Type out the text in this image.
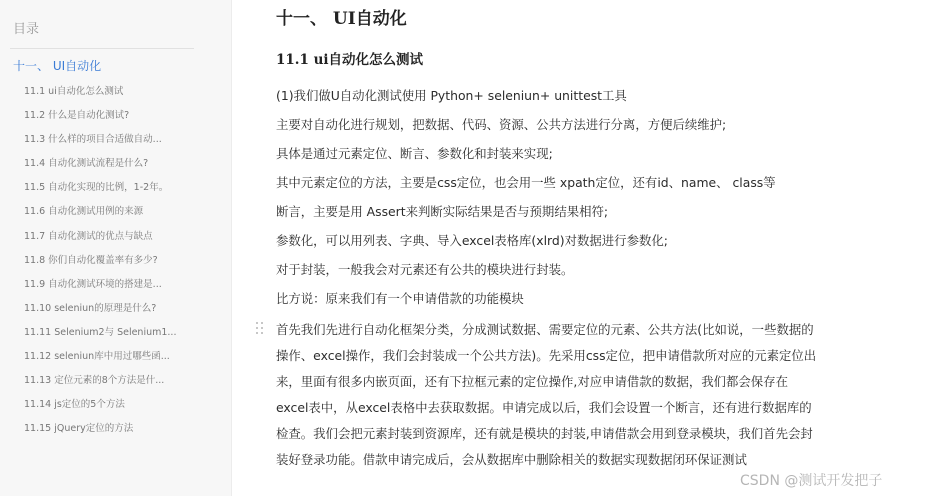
目录
十一、 UI自动化
11.1 ui自动化怎么测试
11.2 什么是自动化测试?
11.3 什么样的项目合适做自动...
11.4 自动化测试流程是什么?
11.5 自动化实现的比例，1-2年。
11.6 自动化测试用例的来源
11.7 自动化测试的优点与缺点
11.8 你们自动化覆盖率有多少?
11.9 自动化测试环境的搭建是...
11.10 seleniun的原理是什么?
11.11 Selenium2与 Selenium1...
11.12 seleniun库中用过哪些函...
11.13 定位元素的8个方法是什...
11.14 js定位的5个方法
11.15 jQuery定位的方法
十一、 UI自动化
11.1 ui自动化怎么测试
(1)我们做U自动化测试使用 Python+ seleniun+ unittest工具
主要对自动化进行规划，把数据、代码、资源、公共方法进行分离，方便后续维护;
具体是通过元素定位、断言、参数化和封装来实现;
其中元素定位的方法，主要是css定位，也会用一些 xpath定位，还有id、name、 class等
断言，主要是用 Assert来判断实际结果是否与预期结果相符;
参数化，可以用列表、字典、导入excel表格库(xlrd)对数据进行参数化;
对于封装，一般我会对元素还有公共的模块进行封装。
比方说：原来我们有一个申请借款的功能模块
首先我们先进行自动化框架分类，分成测试数据、需要定位的元素、公共方法(比如说，一些数据的
操作、excel操作，我们会封装成一个公共方法)。先采用css定位，把申请借款所对应的元素定位出
来，里面有很多内嵌页面，还有下拉框元素的定位操作,对应申请借款的数据，我们都会保存在
excel表中，从excel表格中去获取数据。申请完成以后，我们会设置一个断言，还有进行数据库的
检查。我们会把元素封装到资源库，还有就是模块的封装,申请借款会用到登录模块，我们首先会封
装好登录功能。借款申请完成后，会从数据库中删除相关的数据实现数据闭环保证测试
CSDN @测试开发把子
